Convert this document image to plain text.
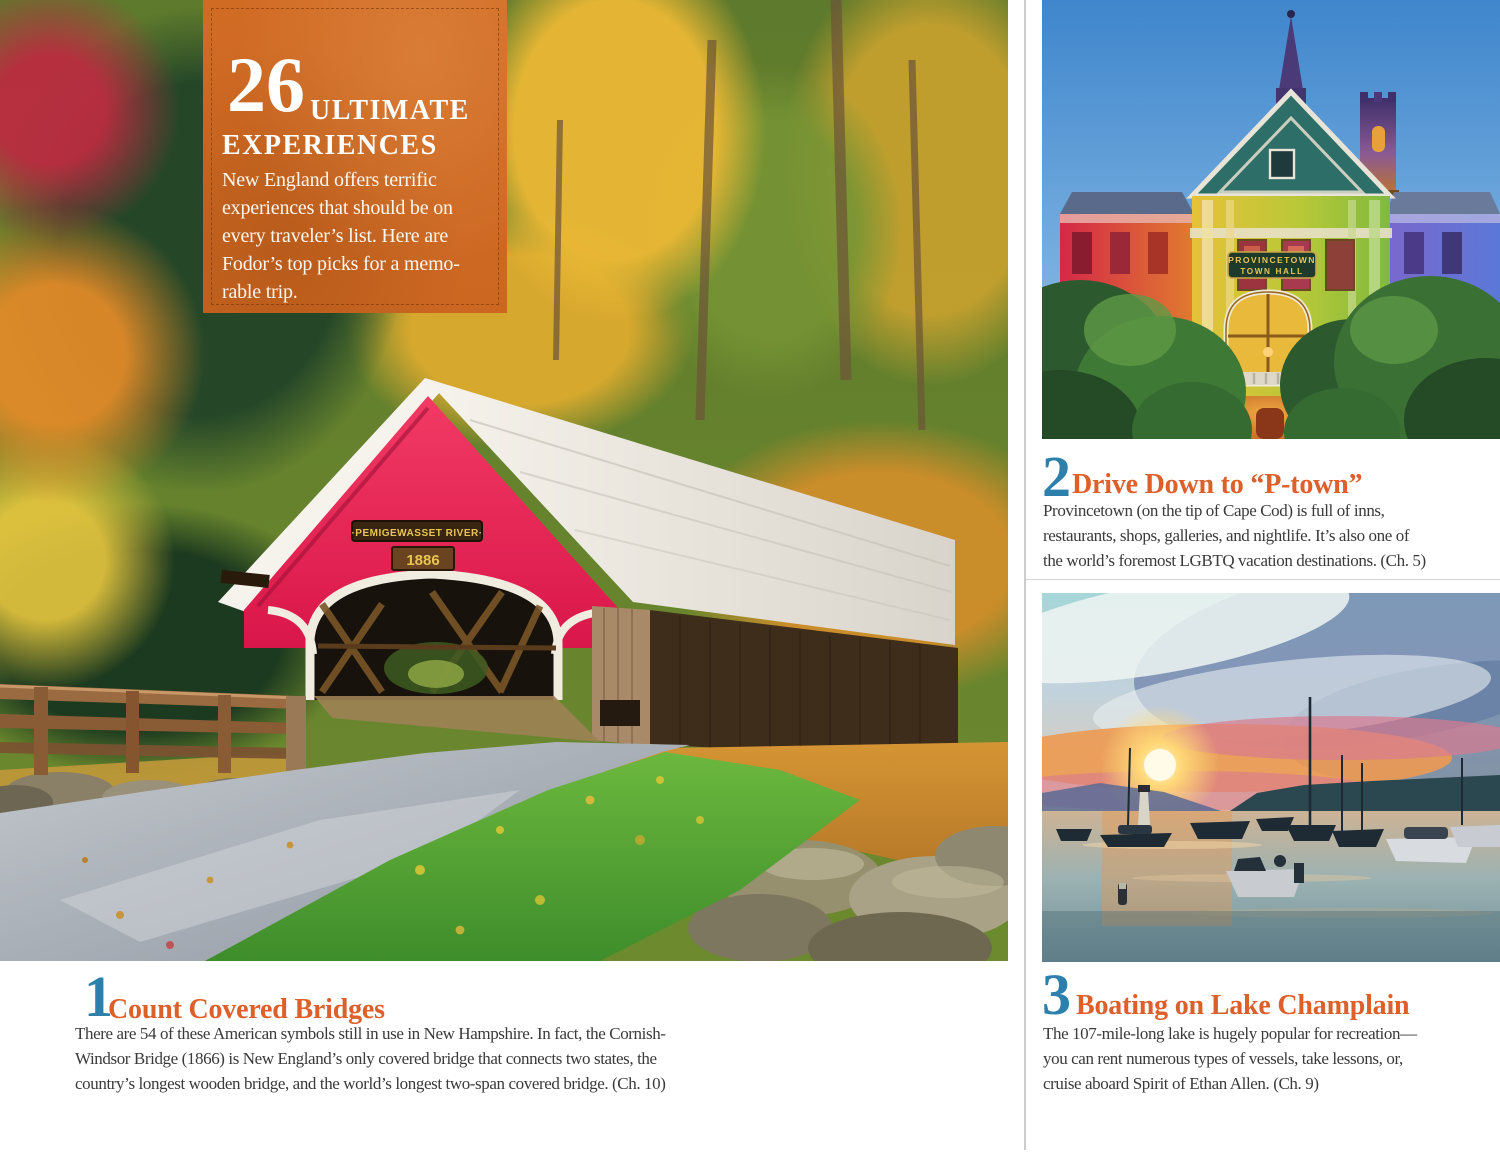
·PEMIGEWASSET RIVER·
1886
26 ULTIMATE
EXPERIENCES
New England offers terrific
experiences that should be on
every traveler’s list. Here are
Fodor’s top picks for a memo-
rable trip.
PROVINCETOWN
TOWN HALL
1
Count Covered Bridges
There are 54 of these American symbols still in use in New Hampshire. In fact, the Cornish-
Windsor Bridge (1866) is New England’s only covered bridge that connects two states, the
country’s longest wooden bridge, and the world’s longest two-span covered bridge. (Ch. 10)
2 Drive Down to “P-town”
Provincetown (on the tip of Cape Cod) is full of inns,
restaurants, shops, galleries, and nightlife. It’s also one of
the world’s foremost LGBTQ vacation destinations. (Ch. 5)
3 Boating on Lake Champlain
The 107-mile-long lake is hugely popular for recreation—
you can rent numerous types of vessels, take lessons, or,
cruise aboard Spirit of Ethan Allen. (Ch. 9)
